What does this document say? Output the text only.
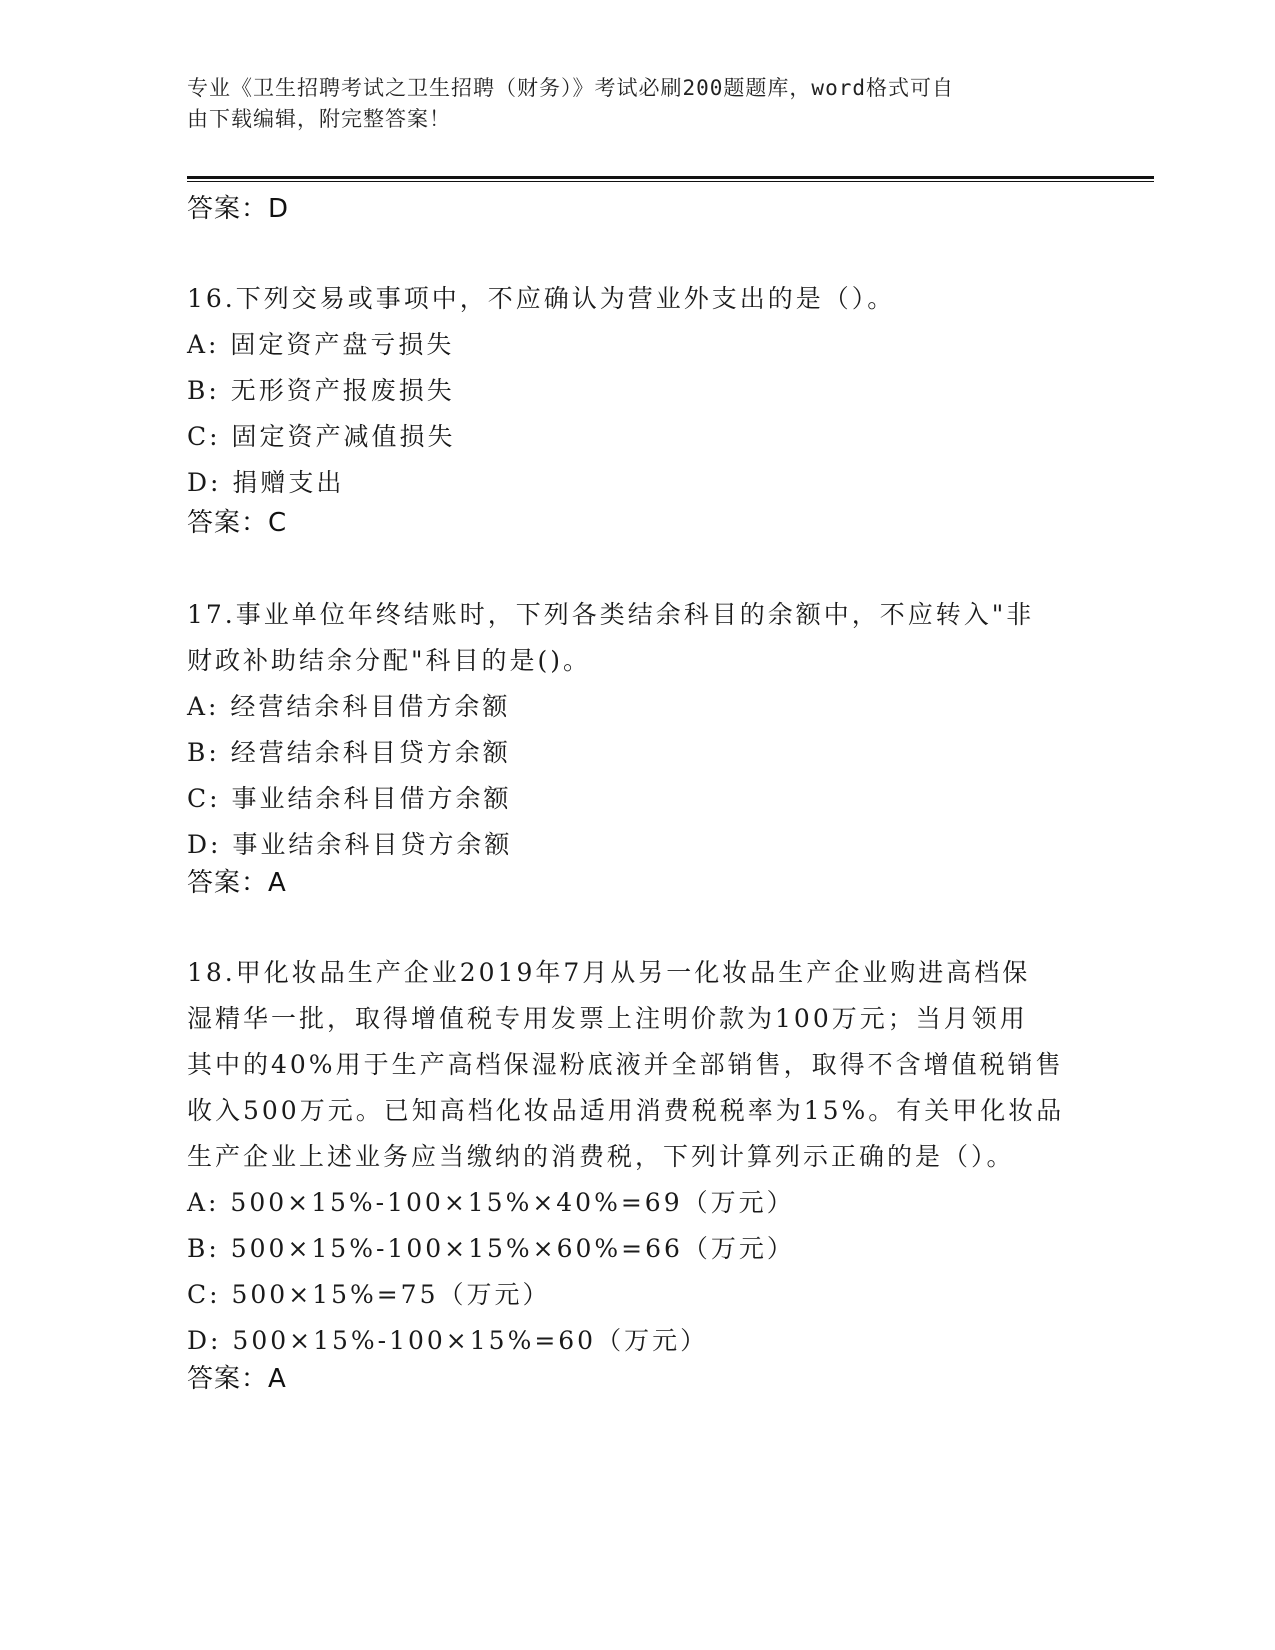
专业《卫生招聘考试之卫生招聘（财务）》考试必刷200题题库，word格式可自
由下载编辑，附完整答案！
答案：D
16.下列交易或事项中，不应确认为营业外支出的是（）。
A: 固定资产盘亏损失
B: 无形资产报废损失
C: 固定资产减值损失
D: 捐赠支出
答案：C
17.事业单位年终结账时，下列各类结余科目的余额中，不应转入"非
财政补助结余分配"科目的是()。
A: 经营结余科目借方余额
B: 经营结余科目贷方余额
C: 事业结余科目借方余额
D: 事业结余科目贷方余额
答案：A
18.甲化妆品生产企业2019年7月从另一化妆品生产企业购进高档保
湿精华一批，取得增值税专用发票上注明价款为100万元；当月领用
其中的40%用于生产高档保湿粉底液并全部销售，取得不含增值税销售
收入500万元。已知高档化妆品适用消费税税率为15%。有关甲化妆品
生产企业上述业务应当缴纳的消费税，下列计算列示正确的是（）。
A: 500×15%-100×15%×40%=69（万元）
B: 500×15%-100×15%×60%=66（万元）
C: 500×15%=75（万元）
D: 500×15%-100×15%=60（万元）
答案：A
